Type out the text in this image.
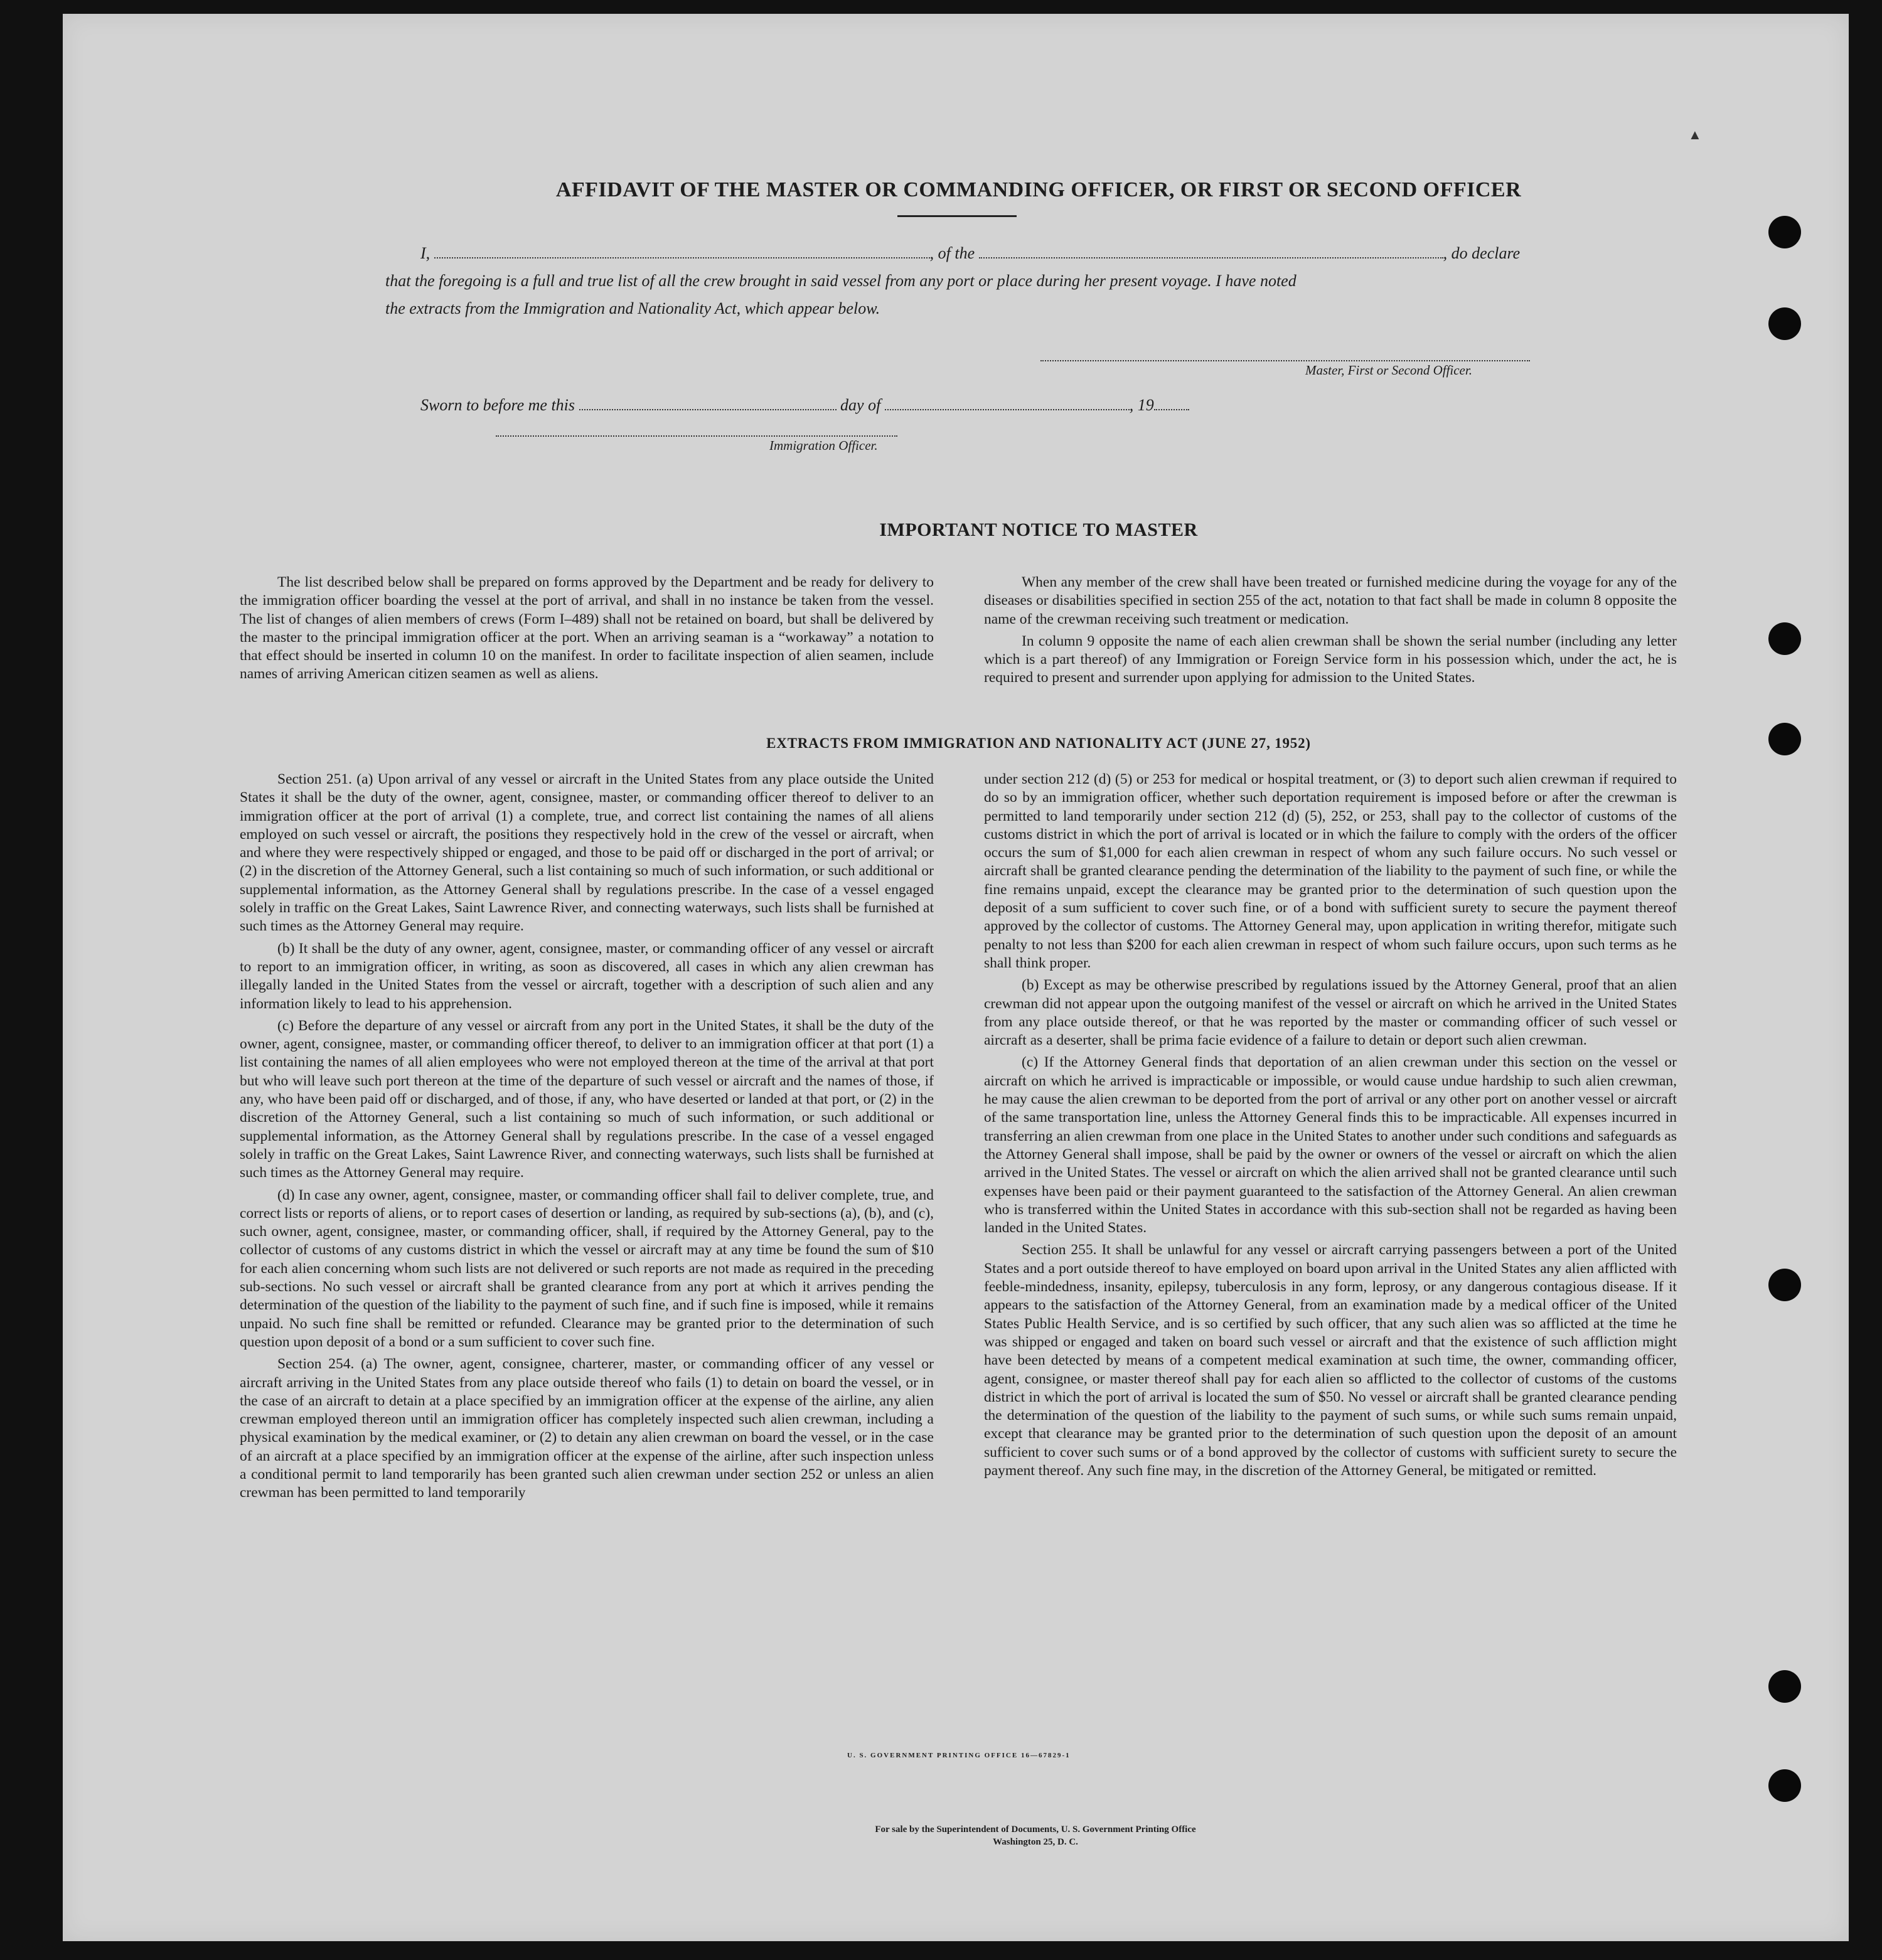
▲
AFFIDAVIT OF THE MASTER OR COMMANDING OFFICER, OR FIRST OR SECOND OFFICER
I,	, of the	, do declare
that the foregoing is a full and true list of all the crew brought in said vessel from any port or place during her present voyage. I have noted
the extracts from the Immigration and Nationality Act, which appear below.
Master, First or Second Officer.
Sworn to before me this	day of	, 19
Immigration Officer.
IMPORTANT NOTICE TO MASTER

The list described below shall be prepared on forms approved by the Department and be ready for delivery to the immigration officer boarding the vessel at the port of arrival, and shall in no instance be taken from the vessel. The list of changes of alien members of crews (Form I–489) shall not be retained on board, but shall be delivered by the master to the principal immigration officer at the port. When an arriving seaman is a “workaway” a notation to that effect should be inserted in column 10 on the manifest. In order to facilitate inspection of alien seamen, include names of arriving American citizen seamen as well as aliens.

When any member of the crew shall have been treated or furnished medicine during the voyage for any of the diseases or disabilities specified in section 255 of the act, notation to that fact shall be made in column 8 opposite the name of the crewman receiving such treatment or medication.

In column 9 opposite the name of each alien crewman shall be shown the serial number (including any letter which is a part thereof) of any Immigration or Foreign Service form in his possession which, under the act, he is required to present and surrender upon applying for admission to the United States.

EXTRACTS FROM IMMIGRATION AND NATIONALITY ACT (JUNE 27, 1952)

Section 251. (a) Upon arrival of any vessel or aircraft in the United States from any place outside the United States it shall be the duty of the owner, agent, consignee, master, or commanding officer thereof to deliver to an immigration officer at the port of arrival (1) a complete, true, and correct list containing the names of all aliens employed on such vessel or aircraft, the positions they respectively hold in the crew of the vessel or aircraft, when and where they were respectively shipped or engaged, and those to be paid off or discharged in the port of arrival; or (2) in the discretion of the Attorney General, such a list containing so much of such information, or such additional or supplemental information, as the Attorney General shall by regulations prescribe. In the case of a vessel engaged solely in traffic on the Great Lakes, Saint Lawrence River, and connecting waterways, such lists shall be furnished at such times as the Attorney General may require.

(b) It shall be the duty of any owner, agent, consignee, master, or commanding officer of any vessel or aircraft to report to an immigration officer, in writing, as soon as discovered, all cases in which any alien crewman has illegally landed in the United States from the vessel or aircraft, together with a description of such alien and any information likely to lead to his apprehension.

(c) Before the departure of any vessel or aircraft from any port in the United States, it shall be the duty of the owner, agent, consignee, master, or commanding officer thereof, to deliver to an immigration officer at that port (1) a list containing the names of all alien employees who were not employed thereon at the time of the arrival at that port but who will leave such port thereon at the time of the departure of such vessel or aircraft and the names of those, if any, who have been paid off or discharged, and of those, if any, who have deserted or landed at that port, or (2) in the discretion of the Attorney General, such a list containing so much of such information, or such additional or supplemental information, as the Attorney General shall by regulations prescribe. In the case of a vessel engaged solely in traffic on the Great Lakes, Saint Lawrence River, and connecting waterways, such lists shall be furnished at such times as the Attorney General may require.

(d) In case any owner, agent, consignee, master, or commanding officer shall fail to deliver complete, true, and correct lists or reports of aliens, or to report cases of desertion or landing, as required by sub-sections (a), (b), and (c), such owner, agent, consignee, master, or commanding officer, shall, if required by the Attorney General, pay to the collector of customs of any customs district in which the vessel or aircraft may at any time be found the sum of $10 for each alien concerning whom such lists are not delivered or such reports are not made as required in the preceding sub-sections. No such vessel or aircraft shall be granted clearance from any port at which it arrives pending the determination of the question of the liability to the payment of such fine, and if such fine is imposed, while it remains unpaid. No such fine shall be remitted or refunded. Clearance may be granted prior to the determination of such question upon deposit of a bond or a sum sufficient to cover such fine.

Section 254. (a) The owner, agent, consignee, charterer, master, or commanding officer of any vessel or aircraft arriving in the United States from any place outside thereof who fails (1) to detain on board the vessel, or in the case of an aircraft to detain at a place specified by an immigration officer at the expense of the airline, any alien crewman employed thereon until an immigration officer has completely inspected such alien crewman, including a physical examination by the medical examiner, or (2) to detain any alien crewman on board the vessel, or in the case of an aircraft at a place specified by an immigration officer at the expense of the airline, after such inspection unless a conditional permit to land temporarily has been granted such alien crewman under section 252 or unless an alien crewman has been permitted to land temporarily

under section 212 (d) (5) or 253 for medical or hospital treatment, or (3) to deport such alien crewman if required to do so by an immigration officer, whether such deportation requirement is imposed before or after the crewman is permitted to land temporarily under section 212 (d) (5), 252, or 253, shall pay to the collector of customs of the customs district in which the port of arrival is located or in which the failure to comply with the orders of the officer occurs the sum of $1,000 for each alien crewman in respect of whom any such failure occurs. No such vessel or aircraft shall be granted clearance pending the determination of the liability to the payment of such fine, or while the fine remains unpaid, except the clearance may be granted prior to the determination of such question upon the deposit of a sum sufficient to cover such fine, or of a bond with sufficient surety to secure the payment thereof approved by the collector of customs. The Attorney General may, upon application in writing therefor, mitigate such penalty to not less than $200 for each alien crewman in respect of whom such failure occurs, upon such terms as he shall think proper.

(b) Except as may be otherwise prescribed by regulations issued by the Attorney General, proof that an alien crewman did not appear upon the outgoing manifest of the vessel or aircraft on which he arrived in the United States from any place outside thereof, or that he was reported by the master or commanding officer of such vessel or aircraft as a deserter, shall be prima facie evidence of a failure to detain or deport such alien crewman.

(c) If the Attorney General finds that deportation of an alien crewman under this section on the vessel or aircraft on which he arrived is impracticable or impossible, or would cause undue hardship to such alien crewman, he may cause the alien crewman to be deported from the port of arrival or any other port on another vessel or aircraft of the same transportation line, unless the Attorney General finds this to be impracticable. All expenses incurred in transferring an alien crewman from one place in the United States to another under such conditions and safeguards as the Attorney General shall impose, shall be paid by the owner or owners of the vessel or aircraft on which the alien arrived in the United States. The vessel or aircraft on which the alien arrived shall not be granted clearance until such expenses have been paid or their payment guaranteed to the satisfaction of the Attorney General. An alien crewman who is transferred within the United States in accordance with this sub-section shall not be regarded as having been landed in the United States.

Section 255. It shall be unlawful for any vessel or aircraft carrying passengers between a port of the United States and a port outside thereof to have employed on board upon arrival in the United States any alien afflicted with feeble-mindedness, insanity, epilepsy, tuberculosis in any form, leprosy, or any dangerous contagious disease. If it appears to the satisfaction of the Attorney General, from an examination made by a medical officer of the United States Public Health Service, and is so certified by such officer, that any such alien was so afflicted at the time he was shipped or engaged and taken on board such vessel or aircraft and that the existence of such affliction might have been detected by means of a competent medical examination at such time, the owner, commanding officer, agent, consignee, or master thereof shall pay for each alien so afflicted to the collector of customs of the customs district in which the port of arrival is located the sum of $50. No vessel or aircraft shall be granted clearance pending the determination of the question of the liability to the payment of such sums, or while such sums remain unpaid, except that clearance may be granted prior to the determination of such question upon the deposit of an amount sufficient to cover such sums or of a bond approved by the collector of customs with sufficient surety to secure the payment thereof. Any such fine may, in the discretion of the Attorney General, be mitigated or remitted.

U. S. GOVERNMENT PRINTING OFFICE 16—67829-1
For sale by the Superintendent of Documents, U. S. Government Printing Office
Washington 25, D. C.
